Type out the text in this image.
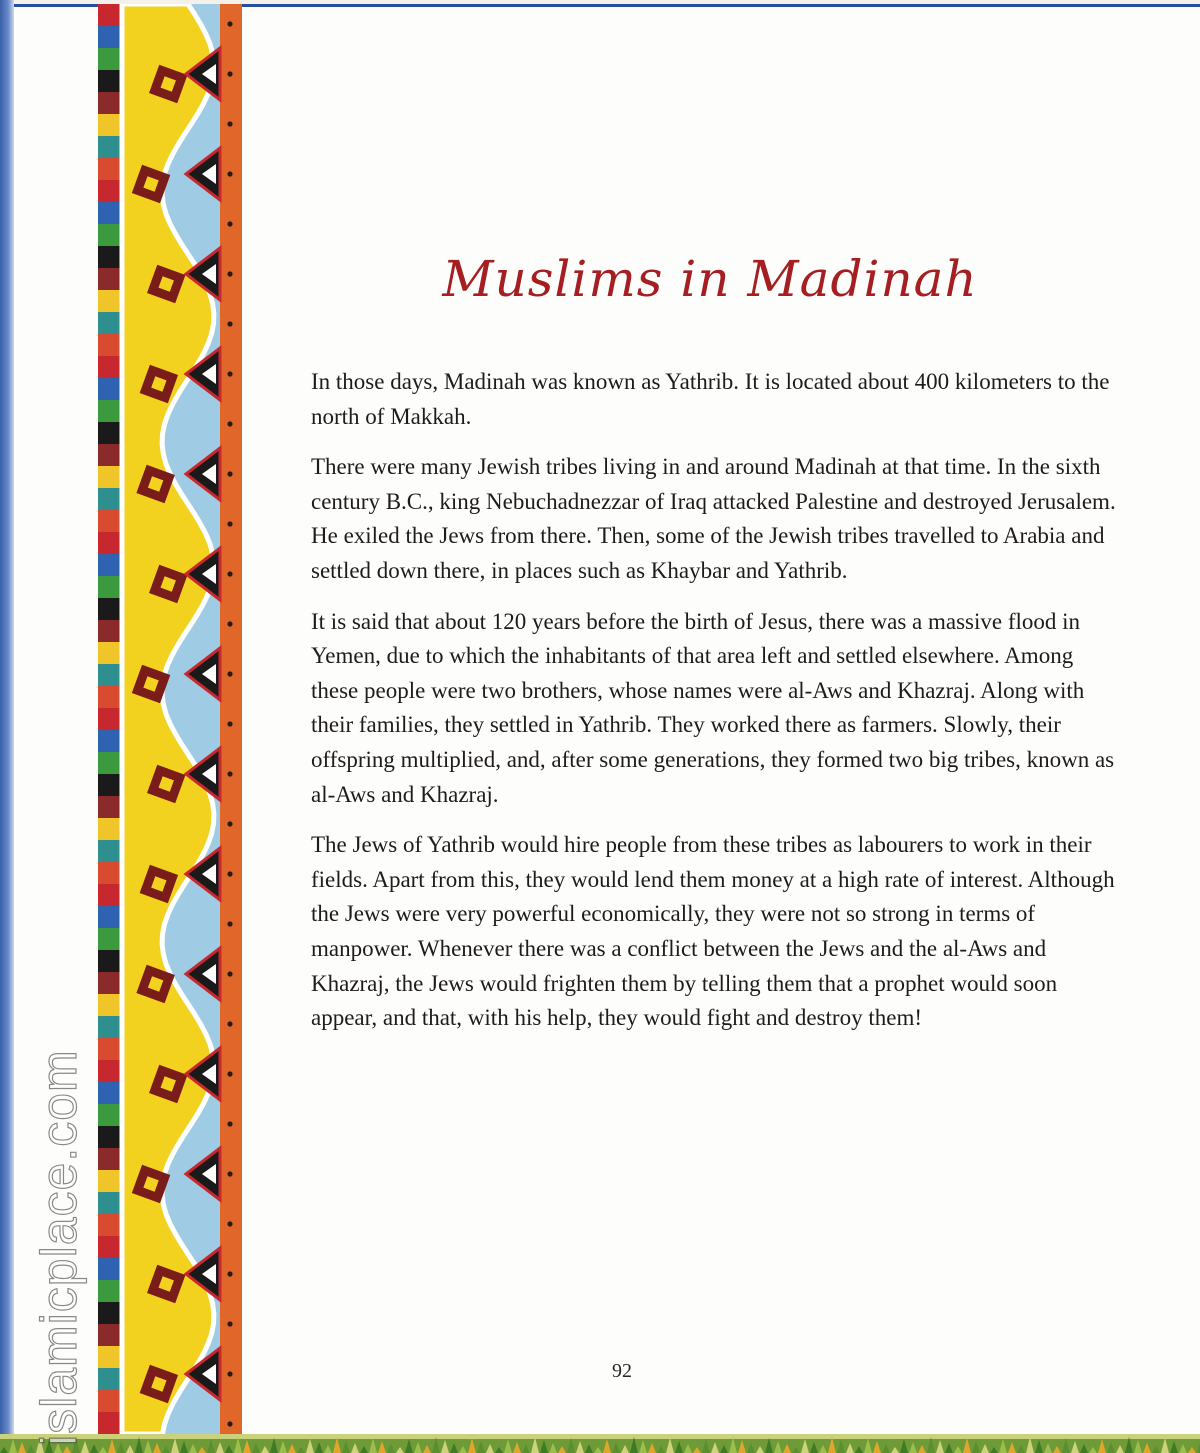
Muslims in Madinah

In those days, Madinah was known as Yathrib. It is located about 400 kilometers to the north of Makkah.

There were many Jewish tribes living in and around Madinah at that time. In the sixth century B.C., king Nebuchadnezzar of Iraq attacked Palestine and destroyed Jerusalem. He exiled the Jews from there. Then, some of the Jewish tribes travelled to Arabia and settled down there, in places such as Khaybar and Yathrib.

It is said that about 120 years before the birth of Jesus, there was a massive flood in Yemen, due to which the inhabitants of that area left and settled elsewhere. Among these people were two brothers, whose names were al-Aws and Khazraj. Along with their families, they settled in Yathrib. They worked there as farmers. Slowly, their offspring multiplied, and, after some generations, they formed two big tribes, known as al-Aws and Khazraj.

The Jews of Yathrib would hire people from these tribes as labourers to work in their fields. Apart from this, they would lend them money at a high rate of interest. Although the Jews were very powerful economically, they were not so strong in terms of manpower. Whenever there was a conflict between the Jews and the al-Aws and Khazraj, the Jews would frighten them by telling them that a prophet would soon appear, and that, with his help, they would fight and destroy them!

92
islamicplace.com
